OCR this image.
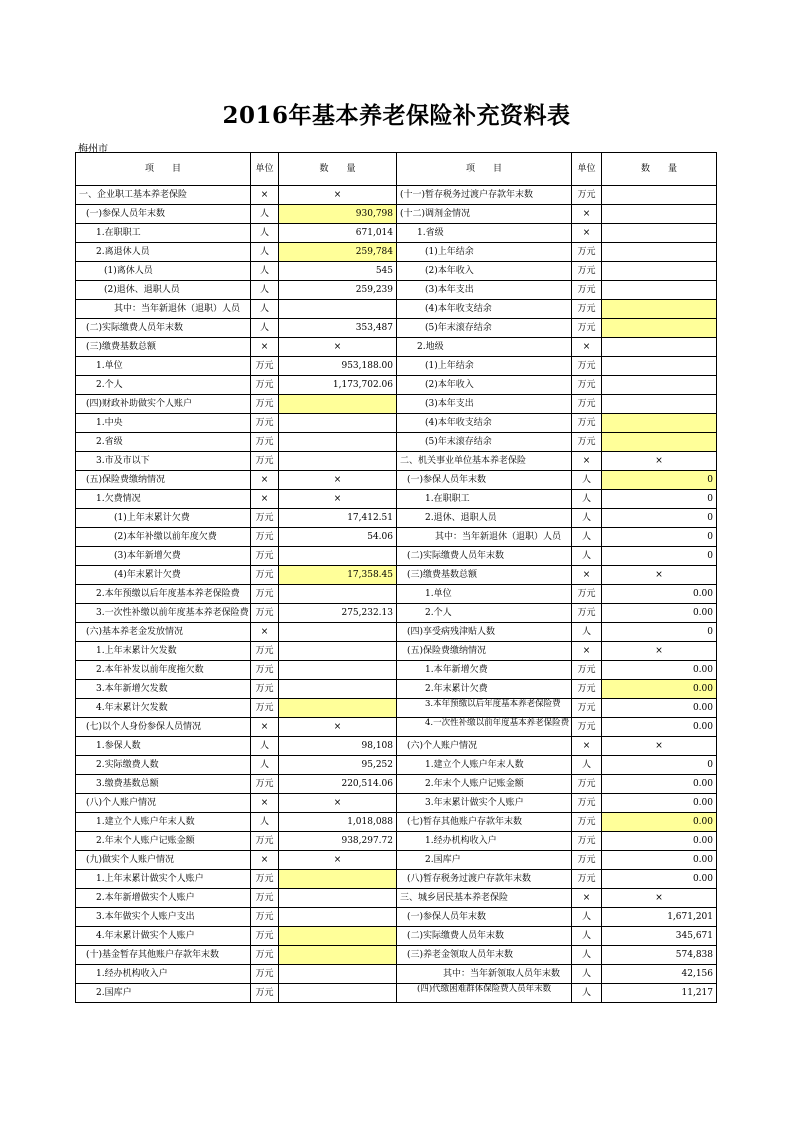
2016年基本养老保险补充资料表
梅州市
项　　目	单位	数　　量	项　　目	单位	数　　量
一、企业职工基本养老保险	×	×	(十一)暂存税务过渡户存款年末数	万元	
(一)参保人员年末数	人	930,798	(十二)调剂金情况	×	
1.在职职工	人	671,014	1.省级	×	
2.离退休人员	人	259,784	(1)上年结余	万元	
(1)离休人员	人	545	(2)本年收入	万元	
(2)退休、退职人员	人	259,239	(3)本年支出	万元	
其中：当年新退休（退职）人员	人		(4)本年收支结余	万元	
(二)实际缴费人员年末数	人	353,487	(5)年末滚存结余	万元	
(三)缴费基数总额	×	×	2.地级	×	
1.单位	万元	953,188.00	(1)上年结余	万元	
2.个人	万元	1,173,702.06	(2)本年收入	万元	
(四)财政补助做实个人账户	万元		(3)本年支出	万元	
1.中央	万元		(4)本年收支结余	万元	
2.省级	万元		(5)年末滚存结余	万元	
3.市及市以下	万元		二、机关事业单位基本养老保险	×	×
(五)保险费缴纳情况	×	×	(一)参保人员年末数	人	0
1.欠费情况	×	×	1.在职职工	人	0
(1)上年末累计欠费	万元	17,412.51	2.退休、退职人员	人	0
(2)本年补缴以前年度欠费	万元	54.06	其中：当年新退休（退职）人员	人	0
(3)本年新增欠费	万元		(二)实际缴费人员年末数	人	0
(4)年末累计欠费	万元	17,358.45	(三)缴费基数总额	×	×
2.本年预缴以后年度基本养老保险费	万元		1.单位	万元	0.00
3.一次性补缴以前年度基本养老保险费	万元	275,232.13	2.个人	万元	0.00
(六)基本养老金发放情况	×		(四)享受病残津贴人数	人	0
1.上年末累计欠发数	万元		(五)保险费缴纳情况	×	×
2.本年补发以前年度拖欠数	万元		1.本年新增欠费	万元	0.00
3.本年新增欠发数	万元		2.年末累计欠费	万元	0.00
4.年末累计欠发数	万元		3.本年预缴以后年度基本养老保险费	万元	0.00
(七)以个人身份参保人员情况	×	×	4.一次性补缴以前年度基本养老保险费	万元	0.00
1.参保人数	人	98,108	(六)个人账户情况	×	×
2.实际缴费人数	人	95,252	1.建立个人账户年末人数	人	0
3.缴费基数总额	万元	220,514.06	2.年末个人账户记账金额	万元	0.00
(八)个人账户情况	×	×	3.年末累计做实个人账户	万元	0.00
1.建立个人账户年末人数	人	1,018,088	(七)暂存其他账户存款年末数	万元	0.00
2.年末个人账户记账金额	万元	938,297.72	1.经办机构收入户	万元	0.00
(九)做实个人账户情况	×	×	2.国库户	万元	0.00
1.上年末累计做实个人账户	万元		(八)暂存税务过渡户存款年末数	万元	0.00
2.本年新增做实个人账户	万元		三、城乡居民基本养老保险	×	×
3.本年做实个人账户支出	万元		(一)参保人员年末数	人	1,671,201
4.年末累计做实个人账户	万元		(二)实际缴费人员年末数	人	345,671
(十)基金暂存其他账户存款年末数	万元		(三)养老金领取人员年末数	人	574,838
1.经办机构收入户	万元		其中：当年新领取人员年末数	人	42,156
2.国库户	万元		(四)代缴困难群体保险费人员年末数	人	11,217
